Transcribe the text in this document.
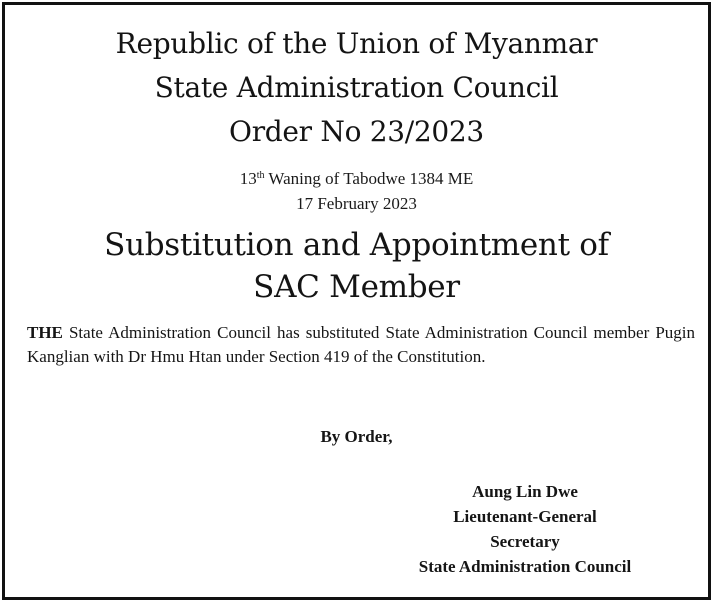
Republic of the Union of Myanmar
State Administration Council
Order No 23/2023
13th Waning of Tabodwe 1384 ME
17 February 2023
Substitution and Appointment of
SAC Member
THE State Administration Council has substituted State Administration Council member Pugin Kanglian with Dr Hmu Htan under Section 419 of the Constitution.
By Order,
Aung Lin Dwe
Lieutenant-General
Secretary
State Administration Council
